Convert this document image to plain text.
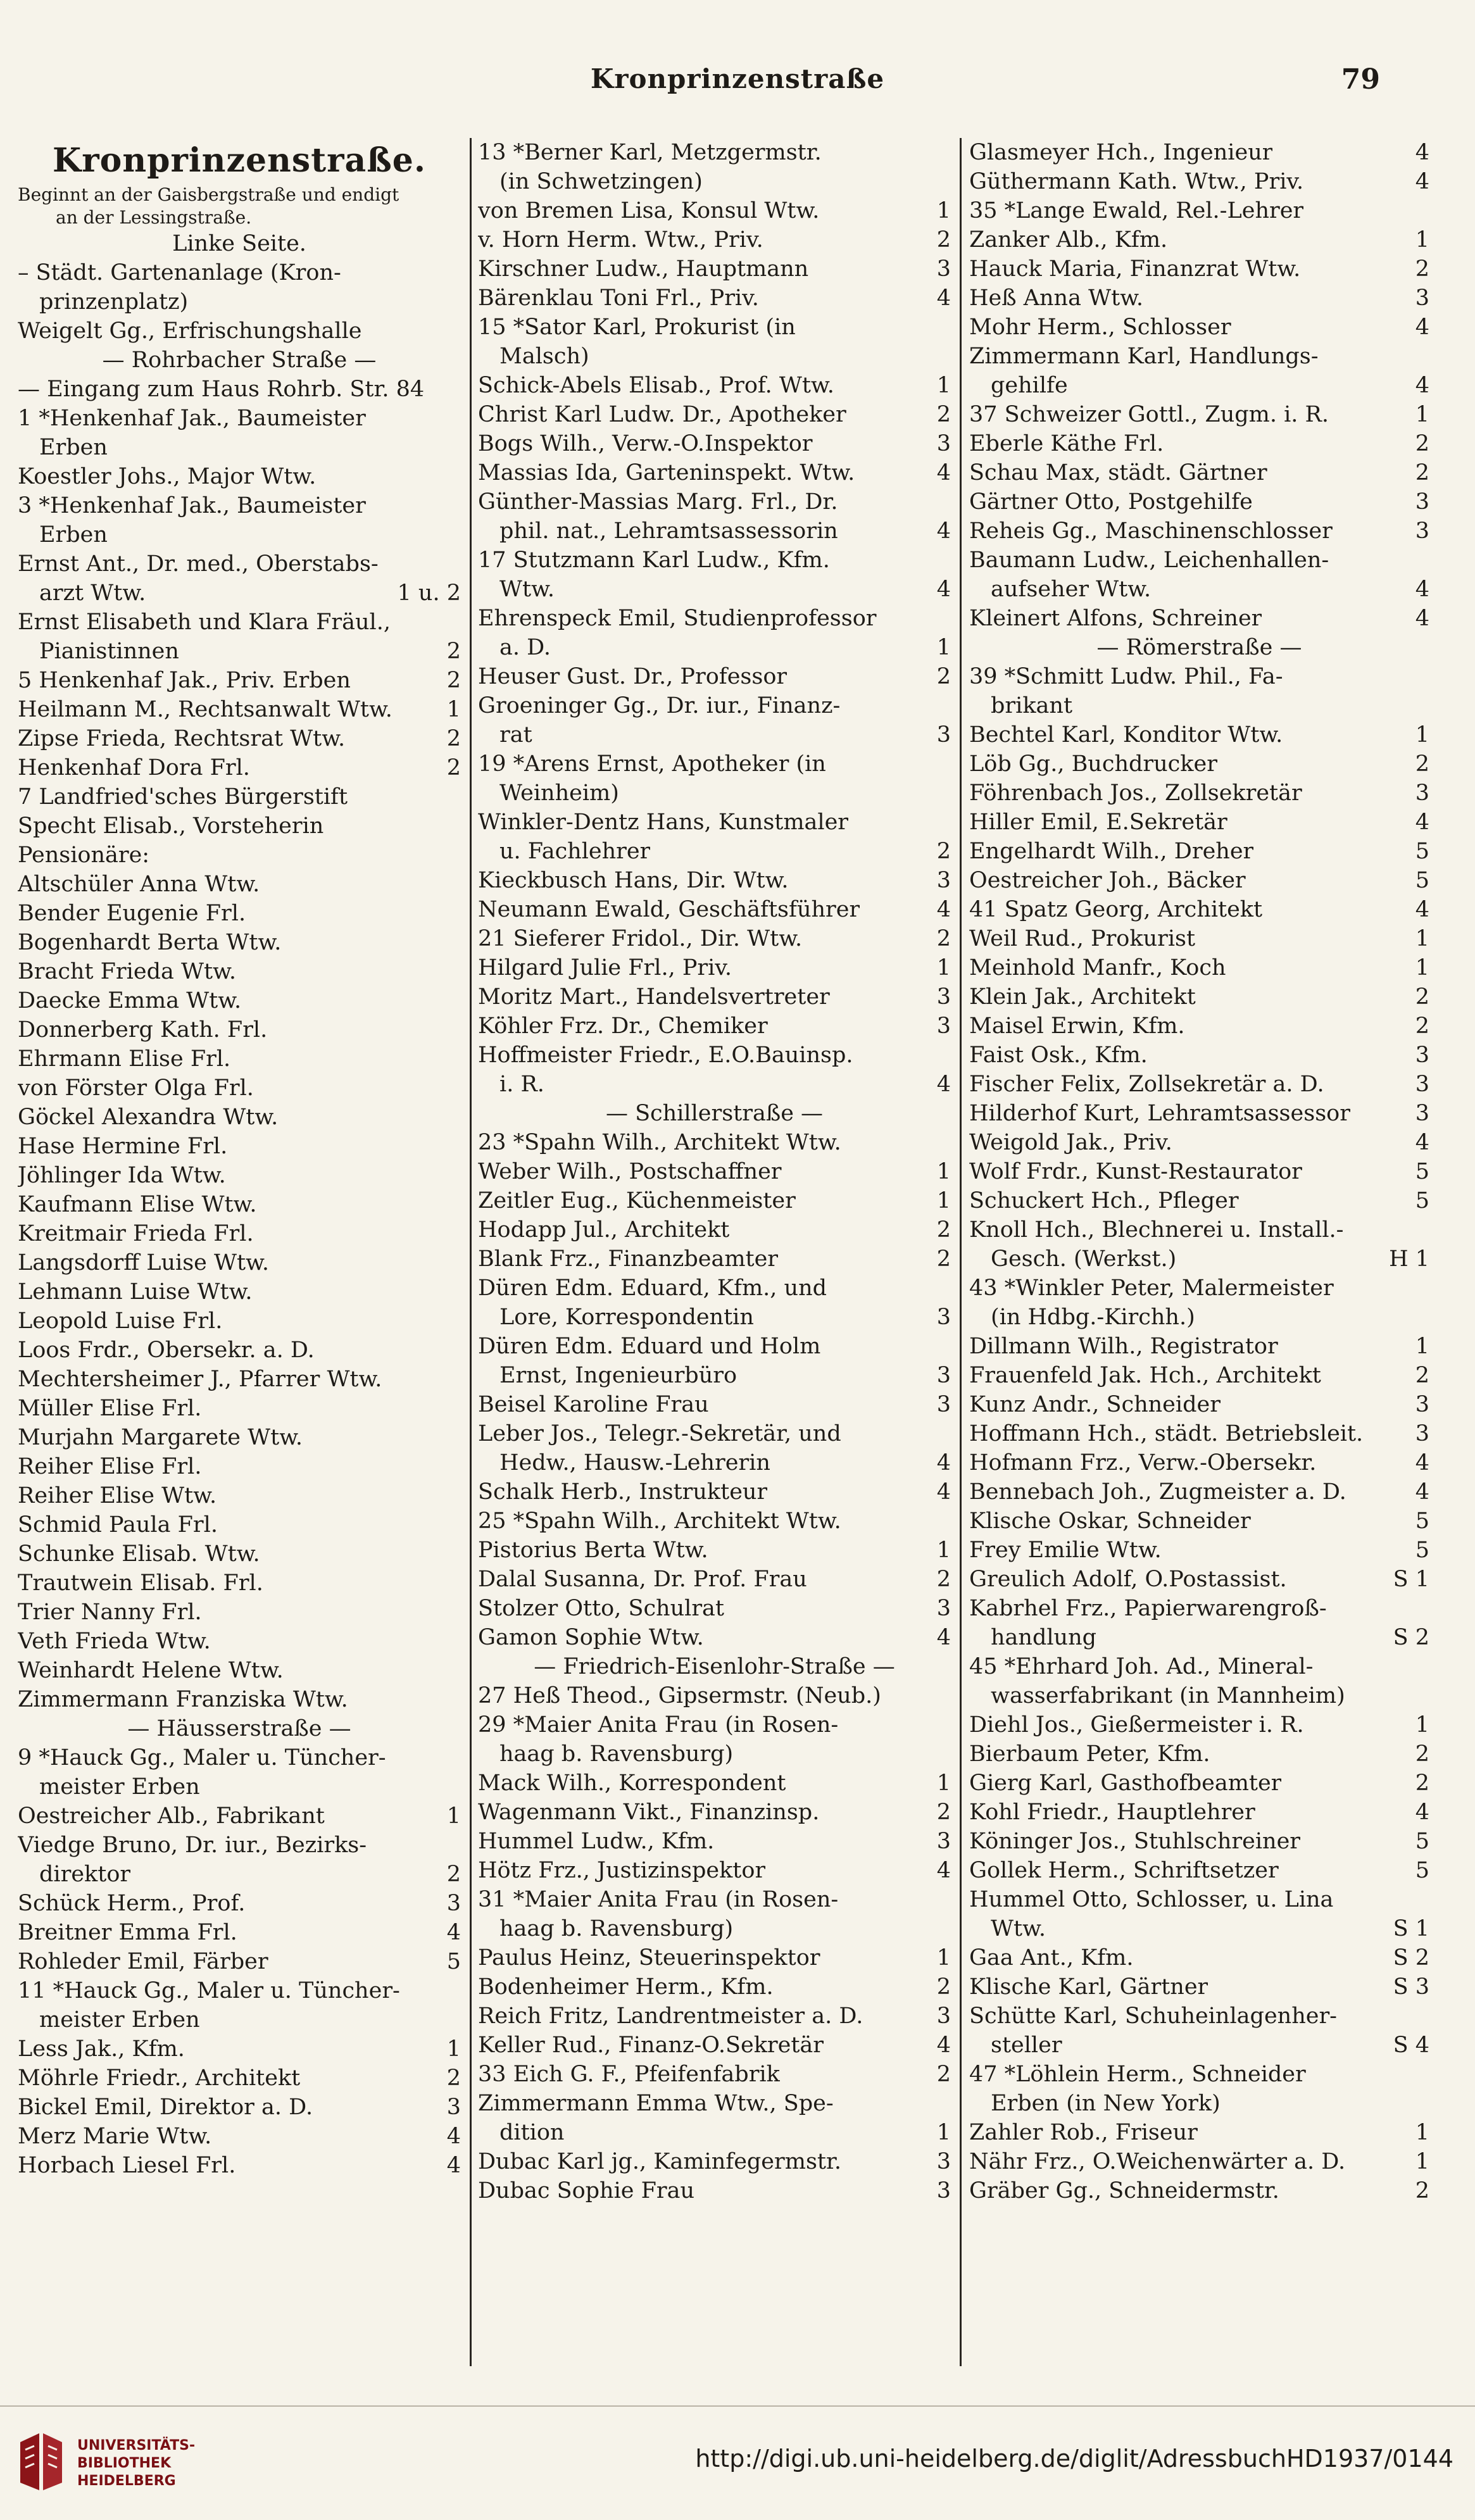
Kronprinzenstraße	79
Kronprinzenstraße.
Beginnt an der Gaisbergstraße und endigt
an der Lessingstraße.
Linke Seite.
– Städt. Gartenanlage (Kron-
prinzenplatz)
Weigelt Gg., Erfrischungshalle
— Rohrbacher Straße —
— Eingang zum Haus Rohrb. Str. 84
1 *Henkenhaf Jak., Baumeister
Erben
Koestler Johs., Major Wtw.
3 *Henkenhaf Jak., Baumeister
Erben
Ernst Ant., Dr. med., Oberstabs-
arzt Wtw.	1 u. 2
Ernst Elisabeth und Klara Fräul.,
Pianistinnen	2
5 Henkenhaf Jak., Priv. Erben	2
Heilmann M., Rechtsanwalt Wtw. 1
Zipse Frieda, Rechtsrat Wtw.	2
Henkenhaf Dora Frl.	2
7 Landfried'sches Bürgerstift
Specht Elisab., Vorsteherin
Pensionäre:
Altschüler Anna Wtw.
Bender Eugenie Frl.
Bogenhardt Berta Wtw.
Bracht Frieda Wtw.
Daecke Emma Wtw.
Donnerberg Kath. Frl.
Ehrmann Elise Frl.
von Förster Olga Frl.
Göckel Alexandra Wtw.
Hase Hermine Frl.
Jöhlinger Ida Wtw.
Kaufmann Elise Wtw.
Kreitmair Frieda Frl.
Langsdorff Luise Wtw.
Lehmann Luise Wtw.
Leopold Luise Frl.
Loos Frdr., Obersekr. a. D.
Mechtersheimer J., Pfarrer Wtw.
Müller Elise Frl.
Murjahn Margarete Wtw.
Reiher Elise Frl.
Reiher Elise Wtw.
Schmid Paula Frl.
Schunke Elisab. Wtw.
Trautwein Elisab. Frl.
Trier Nanny Frl.
Veth Frieda Wtw.
Weinhardt Helene Wtw.
Zimmermann Franziska Wtw.
— Häusserstraße —
9 *Hauck Gg., Maler u. Tüncher-
meister Erben
Oestreicher Alb., Fabrikant	1
Viedge Bruno, Dr. iur., Bezirks-
direktor	2
Schück Herm., Prof.	3
Breitner Emma Frl.	4
Rohleder Emil, Färber	5
11 *Hauck Gg., Maler u. Tüncher-
meister Erben
Less Jak., Kfm.	1
Möhrle Friedr., Architekt	2
Bickel Emil, Direktor a. D.	3
Merz Marie Wtw.	4
Horbach Liesel Frl.	4
13 *Berner Karl, Metzgermstr.
(in Schwetzingen)
von Bremen Lisa, Konsul Wtw.	1
v. Horn Herm. Wtw., Priv.	2
Kirschner Ludw., Hauptmann	3
Bärenklau Toni Frl., Priv.	4
15 *Sator Karl, Prokurist (in
Malsch)
Schick-Abels Elisab., Prof. Wtw.	1
Christ Karl Ludw. Dr., Apotheker	2
Bogs Wilh., Verw.-O.Inspektor	3
Massias Ida, Garteninspekt. Wtw.	4
Günther-Massias Marg. Frl., Dr.
phil. nat., Lehramtsassessorin	4
17 Stutzmann Karl Ludw., Kfm.
Wtw.	4
Ehrenspeck Emil, Studienprofessor
a. D.	1
Heuser Gust. Dr., Professor	2
Groeninger Gg., Dr. iur., Finanz-
rat	3
19 *Arens Ernst, Apotheker (in
Weinheim)
Winkler-Dentz Hans, Kunstmaler
u. Fachlehrer	2
Kieckbusch Hans, Dir. Wtw.	3
Neumann Ewald, Geschäftsführer	4
21 Sieferer Fridol., Dir. Wtw.	2
Hilgard Julie Frl., Priv.	1
Moritz Mart., Handelsvertreter	3
Köhler Frz. Dr., Chemiker	3
Hoffmeister Friedr., E.O.Bauinsp.
i. R.	4
— Schillerstraße —
23 *Spahn Wilh., Architekt Wtw.
Weber Wilh., Postschaffner	1
Zeitler Eug., Küchenmeister	1
Hodapp Jul., Architekt	2
Blank Frz., Finanzbeamter	2
Düren Edm. Eduard, Kfm., und
Lore, Korrespondentin	3
Düren Edm. Eduard und Holm
Ernst, Ingenieurbüro	3
Beisel Karoline Frau	3
Leber Jos., Telegr.-Sekretär, und
Hedw., Hausw.-Lehrerin	4
Schalk Herb., Instrukteur	4
25 *Spahn Wilh., Architekt Wtw.
Pistorius Berta Wtw.	1
Dalal Susanna, Dr. Prof. Frau	2
Stolzer Otto, Schulrat	3
Gamon Sophie Wtw.	4
— Friedrich-Eisenlohr-Straße —
27 Heß Theod., Gipsermstr. (Neub.)
29 *Maier Anita Frau (in Rosen-
haag b. Ravensburg)
Mack Wilh., Korrespondent	1
Wagenmann Vikt., Finanzinsp.	2
Hummel Ludw., Kfm.	3
Hötz Frz., Justizinspektor	4
31 *Maier Anita Frau (in Rosen-
haag b. Ravensburg)
Paulus Heinz, Steuerinspektor	1
Bodenheimer Herm., Kfm.	2
Reich Fritz, Landrentmeister a. D.	3
Keller Rud., Finanz-O.Sekretär	4
33 Eich G. F., Pfeifenfabrik	2
Zimmermann Emma Wtw., Spe-
dition	1
Dubac Karl jg., Kaminfegermstr.	3
Dubac Sophie Frau	3
Glasmeyer Hch., Ingenieur	4
Güthermann Kath. Wtw., Priv.	4
35 *Lange Ewald, Rel.-Lehrer
Zanker Alb., Kfm.	1
Hauck Maria, Finanzrat Wtw.	2
Heß Anna Wtw.	3
Mohr Herm., Schlosser	4
Zimmermann Karl, Handlungs-
gehilfe	4
37 Schweizer Gottl., Zugm. i. R.	1
Eberle Käthe Frl.	2
Schau Max, städt. Gärtner	2
Gärtner Otto, Postgehilfe	3
Reheis Gg., Maschinenschlosser	3
Baumann Ludw., Leichenhallen-
aufseher Wtw.	4
Kleinert Alfons, Schreiner	4
— Römerstraße —
39 *Schmitt Ludw. Phil., Fa-
brikant
Bechtel Karl, Konditor Wtw.	1
Löb Gg., Buchdrucker	2
Föhrenbach Jos., Zollsekretär	3
Hiller Emil, E.Sekretär	4
Engelhardt Wilh., Dreher	5
Oestreicher Joh., Bäcker	5
41 Spatz Georg, Architekt	4
Weil Rud., Prokurist	1
Meinhold Manfr., Koch	1
Klein Jak., Architekt	2
Maisel Erwin, Kfm.	2
Faist Osk., Kfm.	3
Fischer Felix, Zollsekretär a. D.	3
Hilderhof Kurt, Lehramtsassessor	3
Weigold Jak., Priv.	4
Wolf Frdr., Kunst-Restaurator	5
Schuckert Hch., Pfleger	5
Knoll Hch., Blechnerei u. Install.-
Gesch. (Werkst.)	H 1
43 *Winkler Peter, Malermeister
(in Hdbg.-Kirchh.)
Dillmann Wilh., Registrator	1
Frauenfeld Jak. Hch., Architekt	2
Kunz Andr., Schneider	3
Hoffmann Hch., städt. Betriebsleit. 3
Hofmann Frz., Verw.-Obersekr.	4
Bennebach Joh., Zugmeister a. D.	4
Klische Oskar, Schneider	5
Frey Emilie Wtw.	5
Greulich Adolf, O.Postassist.	S 1
Kabrhel Frz., Papierwarengroß-
handlung	S 2
45 *Ehrhard Joh. Ad., Mineral-
wasserfabrikant (in Mannheim)
Diehl Jos., Gießermeister i. R.	1
Bierbaum Peter, Kfm.	2
Gierg Karl, Gasthofbeamter	2
Kohl Friedr., Hauptlehrer	4
Köninger Jos., Stuhlschreiner	5
Gollek Herm., Schriftsetzer	5
Hummel Otto, Schlosser, u. Lina
Wtw.	S 1
Gaa Ant., Kfm.	S 2
Klische Karl, Gärtner	S 3
Schütte Karl, Schuheinlagenher-
steller	S 4
47 *Löhlein Herm., Schneider
Erben (in New York)
Zahler Rob., Friseur	1
Nähr Frz., O.Weichenwärter a. D.	1
Gräber Gg., Schneidermstr.	2
UNIVERSITÄTS-
BIBLIOTHEK
HEIDELBERG
http://digi.ub.uni-heidelberg.de/diglit/AdressbuchHD1937/0144
